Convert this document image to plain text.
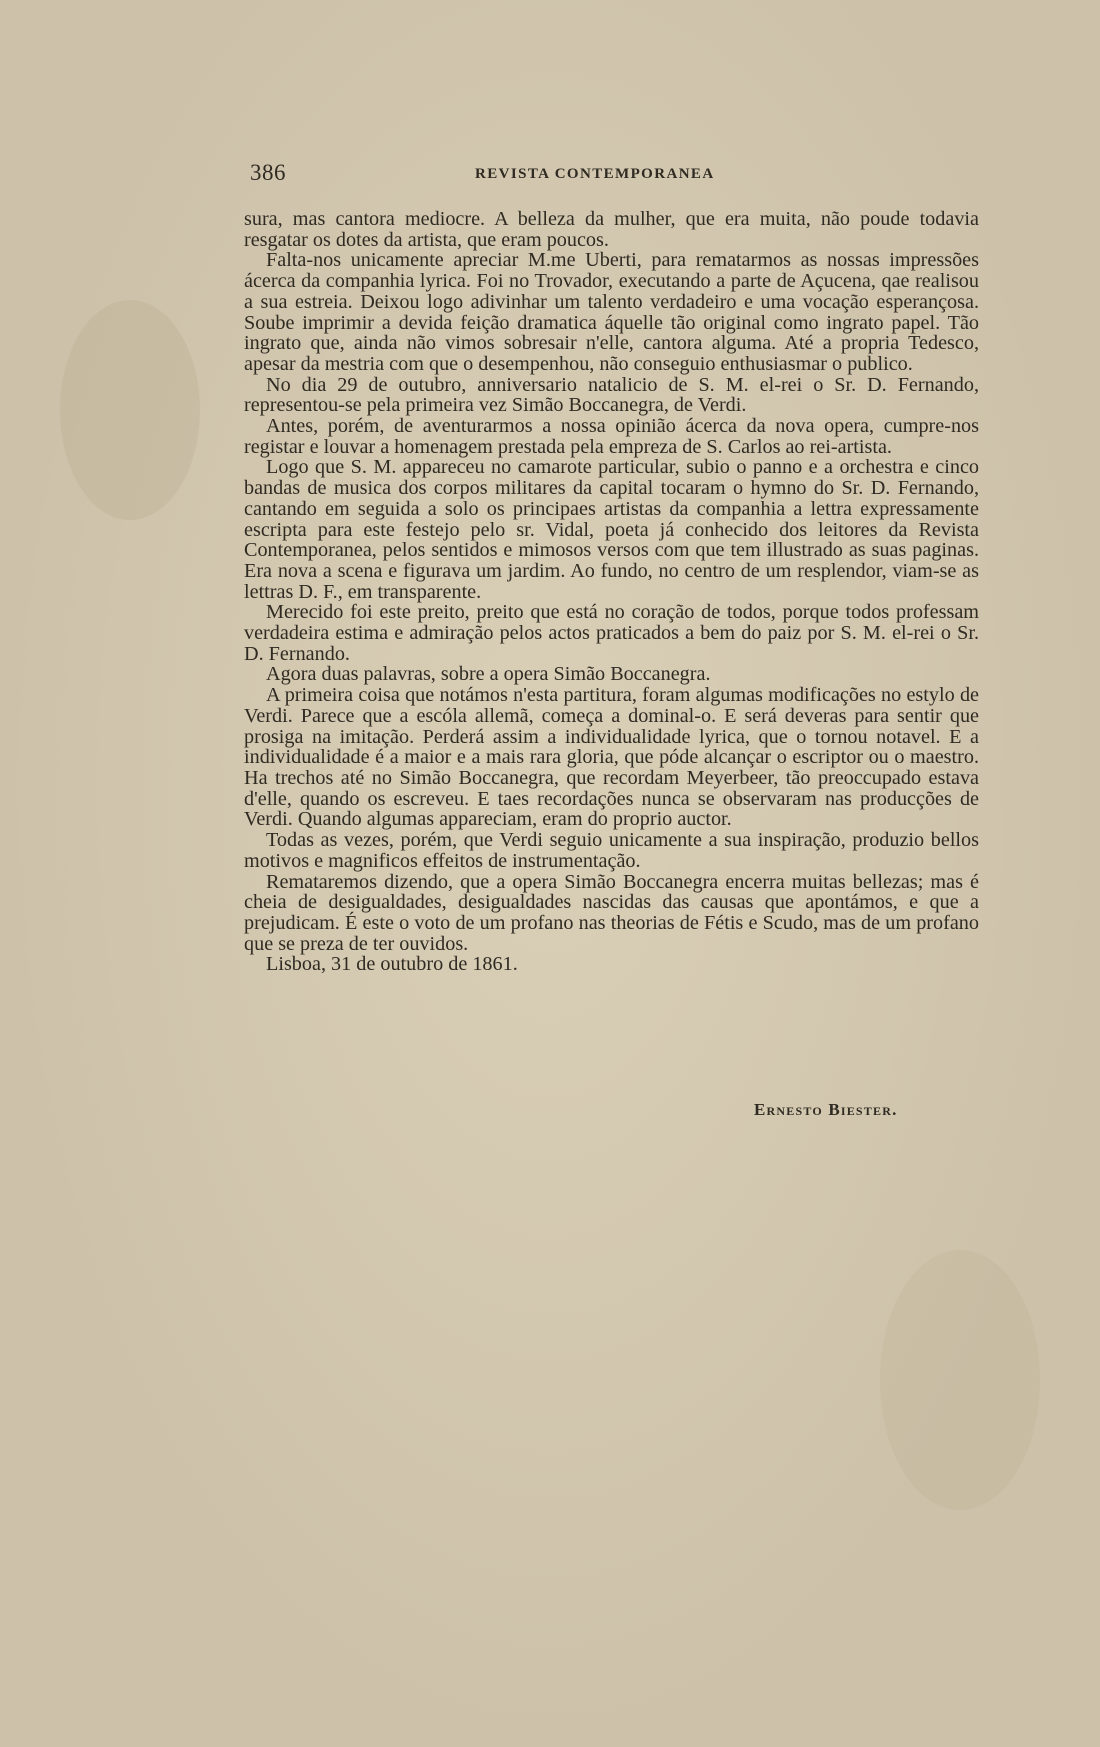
386	REVISTA CONTEMPORANEA

sura, mas cantora mediocre. A belleza da mulher, que era muita, não poude todavia resgatar os dotes da artista, que eram poucos.

Falta-nos unicamente apreciar M.me Uberti, para rematarmos as nossas impressões ácerca da companhia lyrica. Foi no Trovador, executando a parte de Açucena, qae realisou a sua estreia. Deixou logo adivinhar um talento verdadeiro e uma vocação esperançosa. Soube imprimir a devida feição dramatica áquelle tão original como ingrato papel. Tão ingrato que, ainda não vimos sobresair n'elle, cantora alguma. Até a propria Tedesco, apesar da mestria com que o desempenhou, não conseguio enthusiasmar o publico.

No dia 29 de outubro, anniversario natalicio de S. M. el-rei o Sr. D. Fernando, representou-se pela primeira vez Simão Boccanegra, de Verdi.

Antes, porém, de aventurarmos a nossa opinião ácerca da nova opera, cumpre-nos registar e louvar a homenagem prestada pela empreza de S. Carlos ao rei-artista.

Logo que S. M. appareceu no camarote particular, subio o panno e a orchestra e cinco bandas de musica dos corpos militares da capital tocaram o hymno do Sr. D. Fernando, cantando em seguida a solo os principaes artistas da companhia a lettra expressamente escripta para este festejo pelo sr. Vidal, poeta já conhecido dos leitores da Revista Contemporanea, pelos sentidos e mimosos versos com que tem illustrado as suas paginas. Era nova a scena e figurava um jardim. Ao fundo, no centro de um resplendor, viam-se as lettras D. F., em transparente.

Merecido foi este preito, preito que está no coração de todos, porque todos professam verdadeira estima e admiração pelos actos praticados a bem do paiz por S. M. el-rei o Sr. D. Fernando.

Agora duas palavras, sobre a opera Simão Boccanegra.

A primeira coisa que notámos n'esta partitura, foram algumas modificações no estylo de Verdi. Parece que a escóla allemã, começa a dominal-o. E será deveras para sentir que prosiga na imitação. Perderá assim a individualidade lyrica, que o tornou notavel. E a individualidade é a maior e a mais rara gloria, que póde alcançar o escriptor ou o maestro. Ha trechos até no Simão Boccanegra, que recordam Meyerbeer, tão preoccupado estava d'elle, quando os escreveu. E taes recordações nunca se observaram nas producções de Verdi. Quando algumas appareciam, eram do proprio auctor.

Todas as vezes, porém, que Verdi seguio unicamente a sua inspiração, produzio bellos motivos e magnificos effeitos de instrumentação.

Remataremos dizendo, que a opera Simão Boccanegra encerra muitas bellezas; mas é cheia de desigualdades, desigualdades nascidas das causas que apontámos, e que a prejudicam. É este o voto de um profano nas theorias de Fétis e Scudo, mas de um profano que se preza de ter ouvidos.

Lisboa, 31 de outubro de 1861.

Ernesto Biester.
